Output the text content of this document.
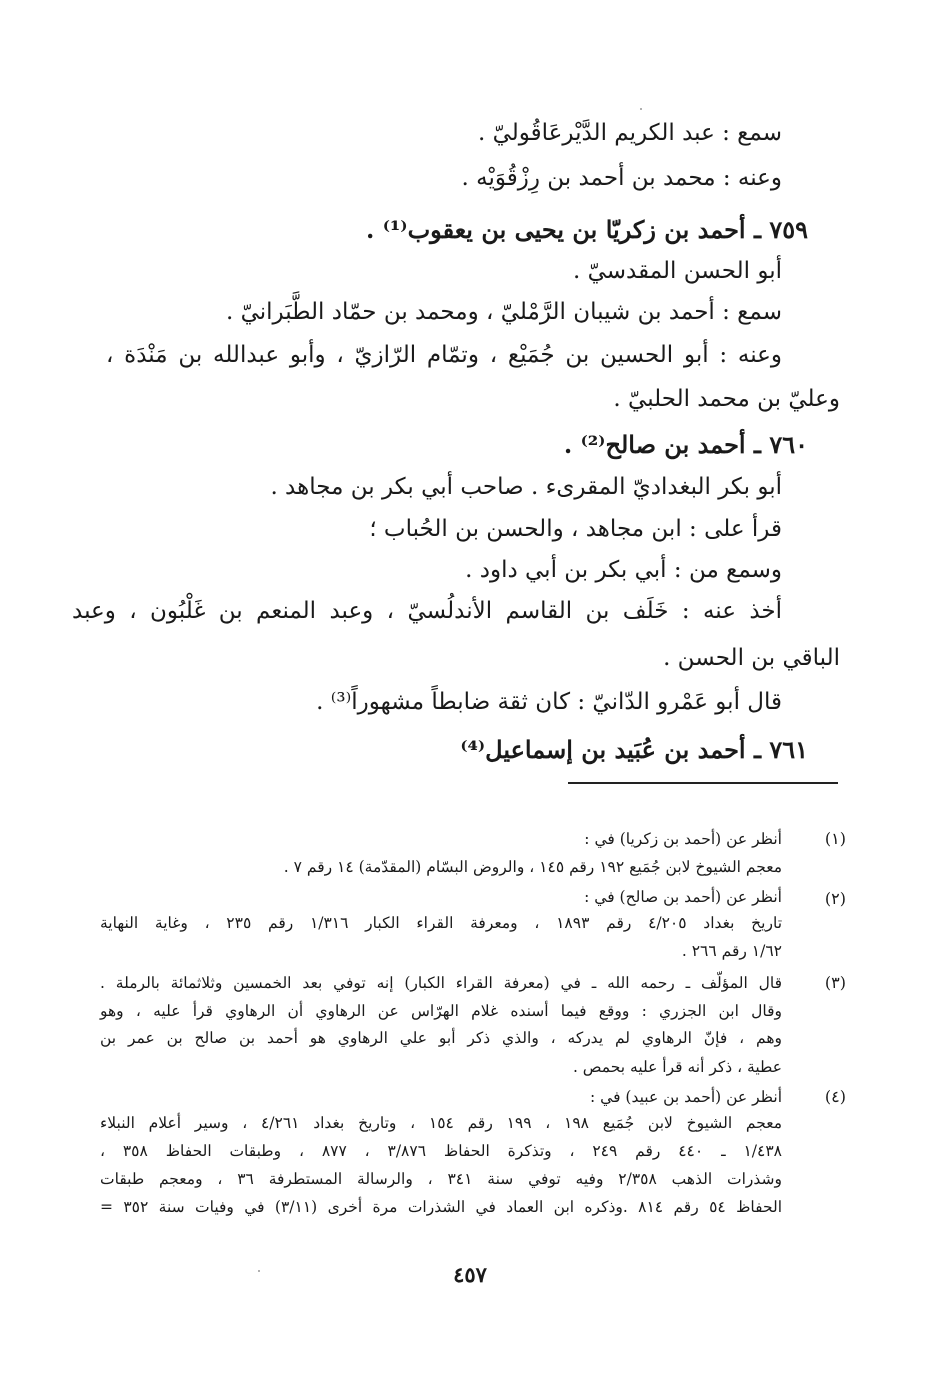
سمع : عبد الكريم الدَّيْرعَاقُوليّ .
وعنه : محمد بن أحمد بن رِزْقُوَيْه .
٧٥٩ ـ أحمد بن زكريّا بن يحيى بن يعقوب⁽¹⁾ .
أبو الحسن المقدسيّ .
سمع : أحمد بن شيبان الرَّمْليّ ، ومحمد بن حمّاد الطَّبَرانيّ .
وعنه : أبو الحسين بن جُمَيْع ، وتمّام الرّازيّ ، وأبو عبدالله بن مَنْدَة ،
وعليّ بن محمد الحلبيّ .
٧٦٠ ـ أحمد بن صالح⁽²⁾ .
أبو بكر البغداديّ المقرىء . صاحب أبي بكر بن مجاهد .
قرأ على : ابن مجاهد ، والحسن بن الحُباب ؛
وسمع من : أبي بكر بن أبي داود .
أخذ عنه : خَلَف بن القاسم الأندلُسيّ ، وعبد المنعم بن غَلْبُون ، وعبد
الباقي بن الحسن .
قال أبو عَمْرو الدّانيّ : كان ثقة ضابطاً مشهوراً⁽³⁾ .
٧٦١ ـ أحمد بن عُبَيد بن إسماعيل⁽⁴⁾
(١)
(٢)
(٣)
(٤)
أنظر عن (أحمد بن زكريا) في :
معجم الشيوخ لابن جُمَيع ١٩٢ رقم ١٤٥ ، والروض البسّام (المقدّمة) ١٤ رقم ٧ .
أنظر عن (أحمد بن صالح) في :
تاريخ بغداد ٤/٢٠٥ رقم ١٨٩٣ ، ومعرفة القراء الكبار ١/٣١٦ رقم ٢٣٥ ، وغاية النهاية
١/٦٢ رقم ٢٦٦ .
قال المؤلّف ـ رحمه الله ـ في (معرفة القراء الكبار) إنه توفي بعد الخمسين وثلاثمائة بالرملة .
وقال ابن الجزري : ووقع فيما أسنده غلام الهرّاس عن الرهاوي أن الرهاوي قرأ عليه ، وهو
وهم ، فإنّ الرهاوي لم يدركه ، والذي ذكر أبو علي الرهاوي هو أحمد بن صالح بن عمر بن
عطية ، ذكر أنه قرأ عليه بحمص .
أنظر عن (أحمد بن عبيد) في :
معجم الشيوخ لابن جُمَيع ١٩٨ ، ١٩٩ رقم ١٥٤ ، وتاريخ بغداد ٤/٢٦١ ، وسير أعلام النبلاء
١/٤٣٨ ـ ٤٤٠ رقم ٢٤٩ ، وتذكرة الحفاظ ٣/٨٧٦ ، ٨٧٧ ، وطبقات الحفاظ ٣٥٨ ،
وشذرات الذهب ٢/٣٥٨ وفيه توفي سنة ٣٤١ ، والرسالة المستطرفة ٣٦ ، ومعجم طبقات
الحفاظ ٥٤ رقم ٨١٤ .وذكره ابن العماد في الشذرات مرة أخرى (٣/١١) في وفيات سنة ٣٥٢ =
٤٥٧
